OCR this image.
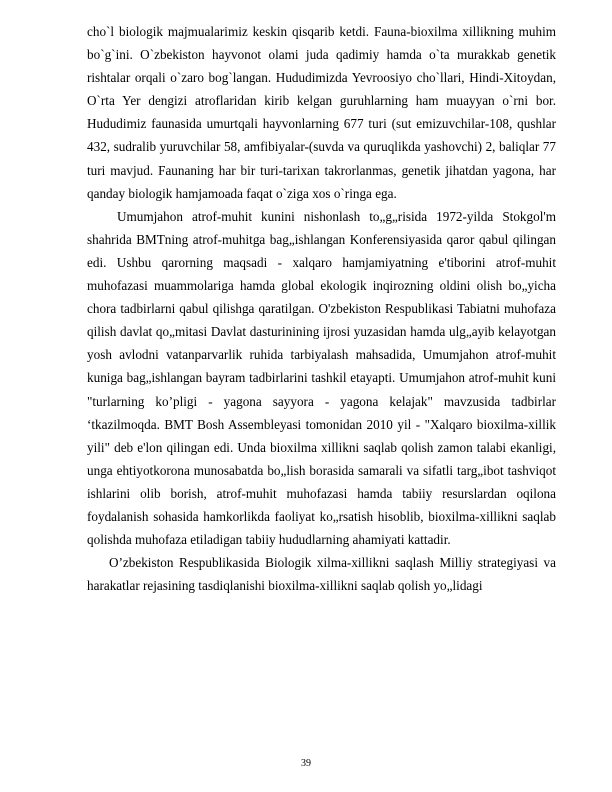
cho`l biologik majmualarimiz keskin qisqarib ketdi. Fauna-bioxilma xillikning muhim bo`g`ini. O`zbekiston hayvonot olami juda qadimiy hamda o`ta murakkab genetik rishtalar orqali o`zaro bog`langan. Hududimizda Yevroosiyo cho`llari, Hindi-Xitoydan, O`rta Yer dengizi atroflaridan kirib kelgan guruhlarning ham muayyan o`rni bor. Hududimiz faunasida umurtqali hayvonlarning 677 turi (sut emizuvchilar-108, qushlar 432, sudralib yuruvchilar 58, amfibiyalar-(suvda va quruqlikda yashovchi) 2, baliqlar 77 turi mavjud. Faunaning har bir turi-tarixan takrorlanmas, genetik jihatdan yagona, har qanday biologik hamjamoada faqat o`ziga xos o`ringa ega.

Umumjahon atrof-muhit kunini nishonlash to„g„risida 1972-yilda Stokgol'm shahrida BMTning atrof-muhitga bag„ishlangan Konferensiyasida qaror qabul qilingan edi. Ushbu qarorning maqsadi - xalqaro hamjamiyatning e'tiborini atrof-muhit muhofazasi muammolariga hamda global ekologik inqirozning oldini olish bo„yicha chora tadbirlarni qabul qilishga qaratilgan. O'zbekiston Respublikasi Tabiatni muhofaza qilish davlat qo„mitasi Davlat dasturinining ijrosi yuzasidan hamda ulg„ayib kelayotgan yosh avlodni vatanparvarlik ruhida tarbiyalash mahsadida, Umumjahon atrof-muhit kuniga bag„ishlangan bayram tadbirlarini tashkil etayapti. Umumjahon atrof-muhit kuni "turlarning ko’pligi - yagona sayyora - yagona kelajak" mavzusida tadbirlar ‘tkazilmoqda. BMT Bosh Assembleyasi tomonidan 2010 yil - "Xalqaro bioxilma-xillik yili" deb e'lon qilingan edi. Unda bioxilma xillikni saqlab qolish zamon talabi ekanligi, unga ehtiyotkorona munosabatda bo„lish borasida samarali va sifatli targ„ibot tashviqot ishlarini olib borish, atrof-muhit muhofazasi hamda tabiiy resurslardan oqilona foydalanish sohasida hamkorlikda faoliyat ko„rsatish hisoblib, bioxilma-xillikni saqlab qolishda muhofaza etiladigan tabiiy hududlarning ahamiyati kattadir.

O’zbekiston Respublikasida Biologik xilma-xillikni saqlash Milliy strategiyasi va harakatlar rejasining tasdiqlanishi bioxilma-xillikni saqlab qolish yo„lidagi

39
